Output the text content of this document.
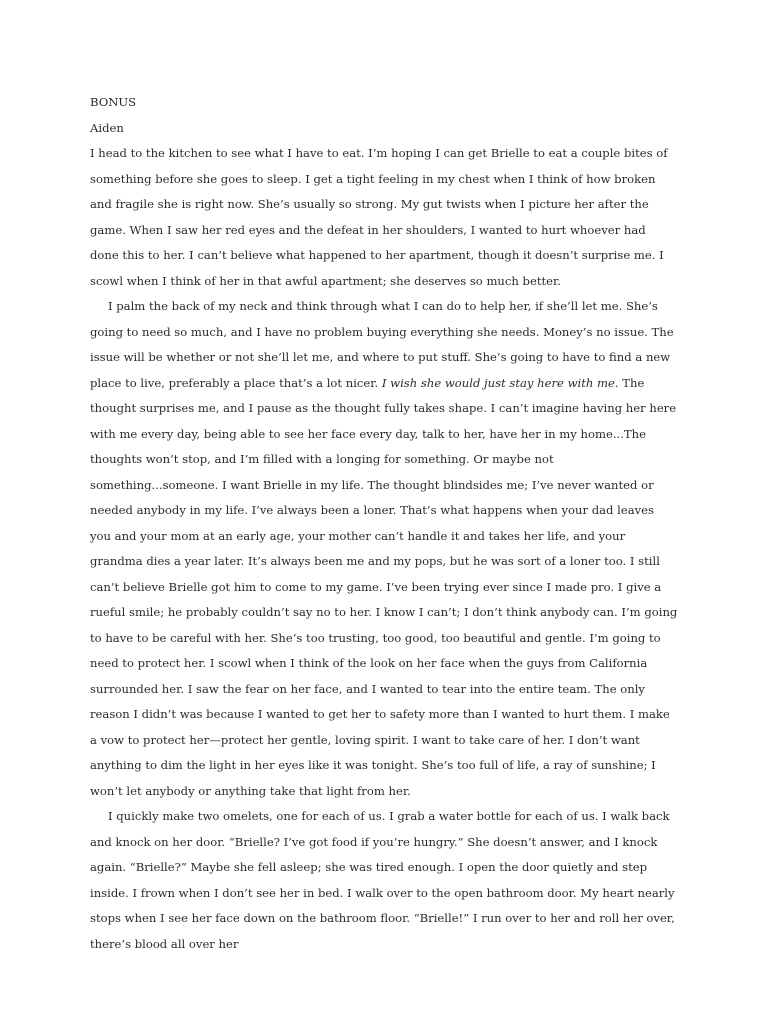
BONUS

Aiden

I head to the kitchen to see what I have to eat. I’m hoping I can get Brielle to eat a couple bites of something before she goes to sleep. I get a tight feeling in my chest when I think of how broken and fragile she is right now. She’s usually so strong. My gut twists when I picture her after the game. When I saw her red eyes and the defeat in her shoulders, I wanted to hurt whoever had done this to her. I can’t believe what happened to her apartment, though it doesn’t surprise me. I scowl when I think of her in that awful apartment; she deserves so much better.

I palm the back of my neck and think through what I can do to help her, if she’ll let me. She’s going to need so much, and I have no problem buying everything she needs. Money’s no issue. The issue will be whether or not she’ll let me, and where to put stuff. She’s going to have to find a new place to live, preferably a place that’s a lot nicer. I wish she would just stay here with me. The thought surprises me, and I pause as the thought fully takes shape. I can’t imagine having her here with me every day, being able to see her face every day, talk to her, have her in my home...The thoughts won’t stop, and I’m filled with a longing for something. Or maybe not something...someone. I want Brielle in my life. The thought blindsides me; I’ve never wanted or needed anybody in my life. I’ve always been a loner. That’s what happens when your dad leaves you and your mom at an early age, your mother can’t handle it and takes her life, and your grandma dies a year later. It’s always been me and my pops, but he was sort of a loner too. I still can’t believe Brielle got him to come to my game. I’ve been trying ever since I made pro. I give a rueful smile; he probably couldn’t say no to her. I know I can’t; I don’t think anybody can. I’m going to have to be careful with her. She’s too trusting, too good, too beautiful and gentle. I’m going to need to protect her. I scowl when I think of the look on her face when the guys from California surrounded her. I saw the fear on her face, and I wanted to tear into the entire team. The only reason I didn’t was because I wanted to get her to safety more than I wanted to hurt them. I make a vow to protect her—protect her gentle, loving spirit. I want to take care of her. I don’t want anything to dim the light in her eyes like it was tonight. She’s too full of life, a ray of sunshine; I won’t let anybody or anything take that light from her.

I quickly make two omelets, one for each of us. I grab a water bottle for each of us. I walk back and knock on her door. “Brielle? I’ve got food if you’re hungry.” She doesn’t answer, and I knock again. “Brielle?” Maybe she fell asleep; she was tired enough. I open the door quietly and step inside. I frown when I don’t see her in bed. I walk over to the open bathroom door. My heart nearly stops when I see her face down on the bathroom floor. “Brielle!” I run over to her and roll her over, there’s blood all over her
